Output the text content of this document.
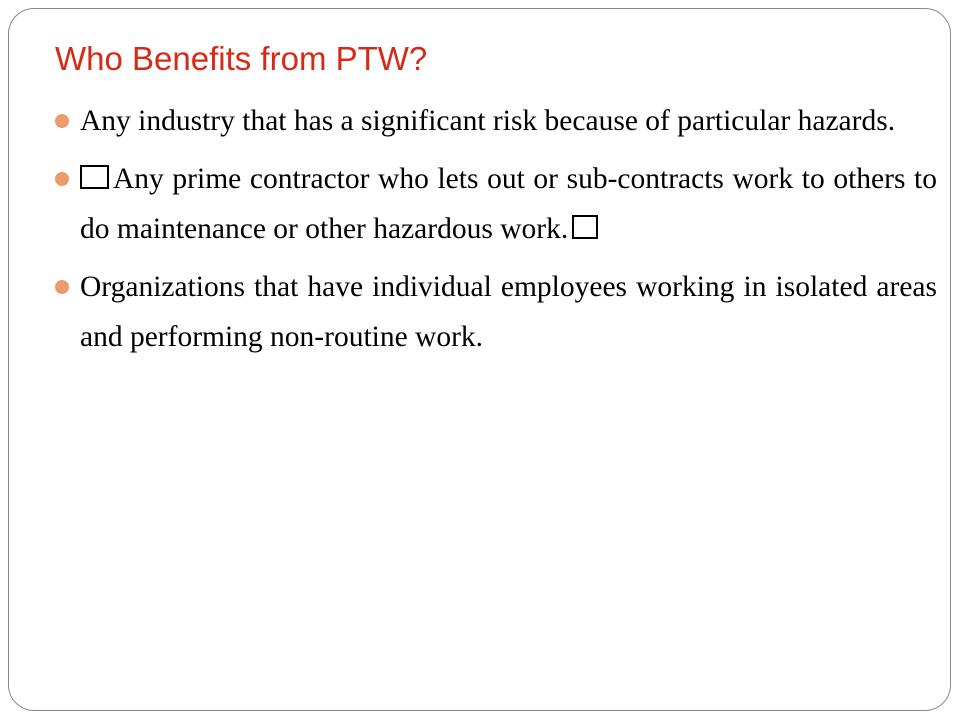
Who Benefits from PTW?
Any industry that has a significant risk because of particular hazards.
Any prime contractor who lets out or sub-contracts work to others to do maintenance or other hazardous work.
Organizations that have individual employees working in isolated areas and performing non-routine work.
